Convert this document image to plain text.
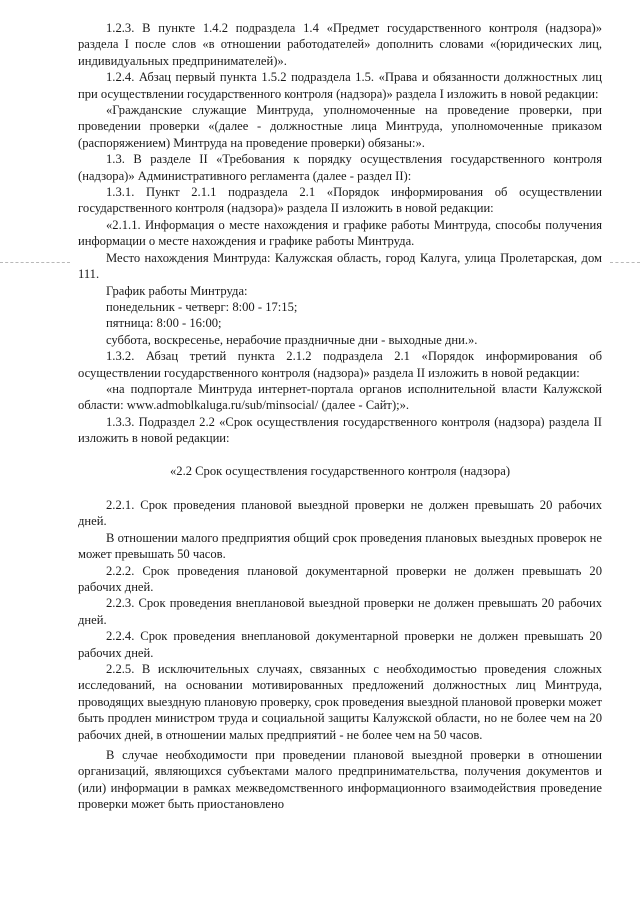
1.2.3. В пункте 1.4.2 подраздела 1.4 «Предмет государственного контроля (надзора)» раздела I после слов «в отношении работодателей» дополнить словами «(юридических лиц, индивидуальных предпринимателей)».

1.2.4. Абзац первый пункта 1.5.2 подраздела 1.5. «Права и обязанности должностных лиц при осуществлении государственного контроля (надзора)» раздела I изложить в новой редакции:

«Гражданские служащие Минтруда, уполномоченные на проведение проверки, при проведении проверки «(далее - должностные лица Минтруда, уполномоченные приказом (распоряжением) Минтруда на проведение проверки) обязаны:».

1.3. В разделе II «Требования к порядку осуществления государственного контроля (надзора)» Административного регламента (далее - раздел II):

1.3.1. Пункт 2.1.1 подраздела 2.1 «Порядок информирования об осуществлении государственного контроля (надзора)» раздела II изложить в новой редакции:

«2.1.1. Информация о месте нахождения и графике работы Минтруда, способы получения информации о месте нахождения и графике работы Минтруда.

Место нахождения Минтруда: Калужская область, город Калуга, улица Пролетарская, дом 111.

График работы Минтруда:

понедельник - четверг: 8:00 - 17:15;

пятница: 8:00 - 16:00;

суббота, воскресенье, нерабочие праздничные дни - выходные дни.».

1.3.2. Абзац третий пункта 2.1.2 подраздела 2.1 «Порядок информирования об осуществлении государственного контроля (надзора)» раздела II изложить в новой редакции:

«на подпортале Минтруда интернет-портала органов исполнительной власти Калужской области: www.admoblkaluga.ru/sub/minsocial/ (далее - Сайт);».

1.3.3. Подраздел 2.2 «Срок осуществления государственного контроля (надзора) раздела II изложить в новой редакции:

«2.2 Срок осуществления государственного контроля (надзора)

2.2.1. Срок проведения плановой выездной проверки не должен превышать 20 рабочих дней.

В отношении малого предприятия общий срок проведения плановых выездных проверок не может превышать 50 часов.

2.2.2. Срок проведения плановой документарной проверки не должен превышать 20 рабочих дней.

2.2.3. Срок проведения внеплановой выездной проверки не должен превышать 20 рабочих дней.

2.2.4. Срок проведения внеплановой документарной проверки не должен превышать 20 рабочих дней.

2.2.5. В исключительных случаях, связанных с необходимостью проведения сложных исследований, на основании мотивированных предложений должностных лиц Минтруда, проводящих выездную плановую проверку, срок проведения выездной плановой проверки может быть продлен министром труда и социальной защиты Калужской области, но не более чем на 20 рабочих дней, в отношении малых предприятий - не более чем на 50 часов.

В случае необходимости при проведении плановой выездной проверки в отношении организаций, являющихся субъектами малого предпринимательства, получения документов и (или) информации в рамках межведомственного информационного взаимодействия проведение проверки может быть приостановлено
